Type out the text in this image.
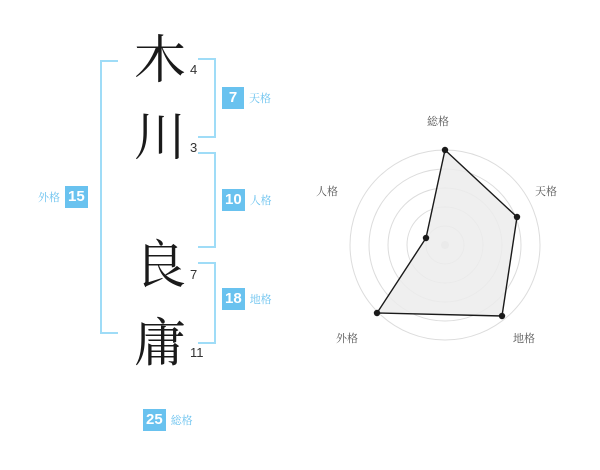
木
川
良
庸
4
3
7
11
7	天格
10 人格
18 地格
外格 15
25 総格
総格
天格
地格
外格
人格
